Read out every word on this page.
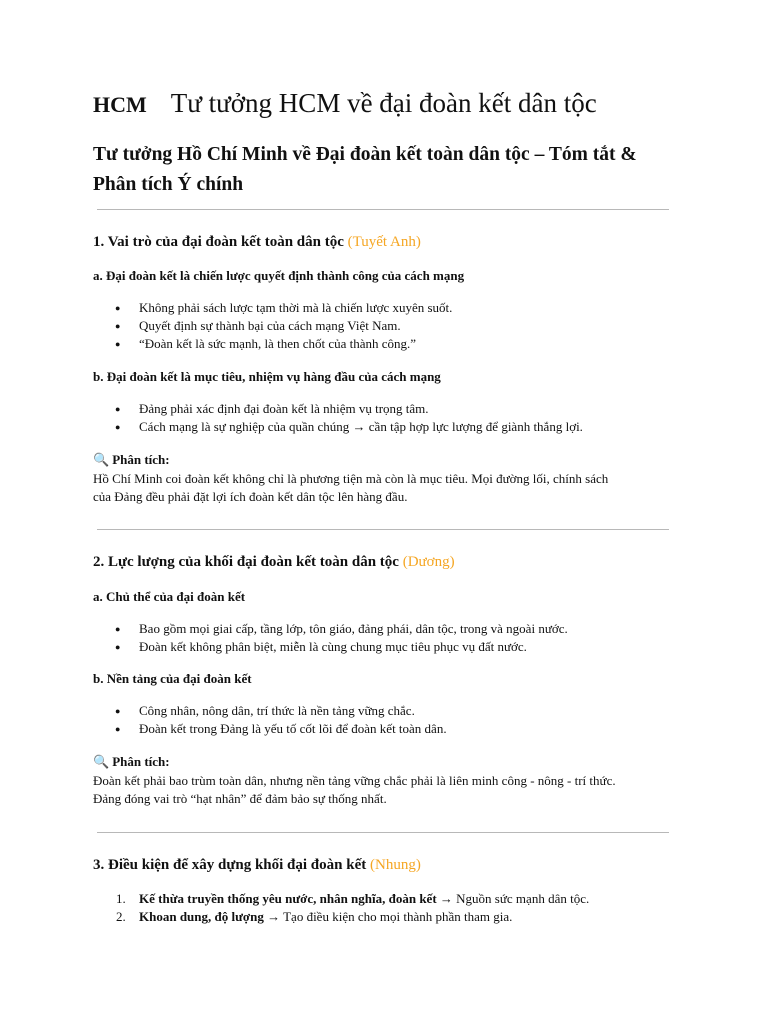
HCM Tư tưởng HCM về đại đoàn kết dân tộc
Tư tưởng Hồ Chí Minh về Đại đoàn kết toàn dân tộc – Tóm tắt &
Phân tích Ý chính
1. Vai trò của đại đoàn kết toàn dân tộc (Tuyết Anh)
a. Đại đoàn kết là chiến lược quyết định thành công của cách mạng
● Không phải sách lược tạm thời mà là chiến lược xuyên suốt.
● Quyết định sự thành bại của cách mạng Việt Nam.
● “Đoàn kết là sức mạnh, là then chốt của thành công.”
b. Đại đoàn kết là mục tiêu, nhiệm vụ hàng đầu của cách mạng
● Đảng phải xác định đại đoàn kết là nhiệm vụ trọng tâm.
● Cách mạng là sự nghiệp của quần chúng → cần tập hợp lực lượng để giành thắng lợi.

🔍 Phân tích:
Hồ Chí Minh coi đoàn kết không chỉ là phương tiện mà còn là mục tiêu. Mọi đường lối, chính sách
của Đảng đều phải đặt lợi ích đoàn kết dân tộc lên hàng đầu.

2. Lực lượng của khối đại đoàn kết toàn dân tộc (Dương)
a. Chủ thể của đại đoàn kết
● Bao gồm mọi giai cấp, tầng lớp, tôn giáo, đảng phái, dân tộc, trong và ngoài nước.
● Đoàn kết không phân biệt, miễn là cùng chung mục tiêu phục vụ đất nước.
b. Nền tảng của đại đoàn kết
● Công nhân, nông dân, trí thức là nền tảng vững chắc.
● Đoàn kết trong Đảng là yếu tố cốt lõi để đoàn kết toàn dân.

🔍 Phân tích:
Đoàn kết phải bao trùm toàn dân, nhưng nền tảng vững chắc phải là liên minh công - nông - trí thức.
Đảng đóng vai trò “hạt nhân” để đảm bảo sự thống nhất.

3. Điều kiện để xây dựng khối đại đoàn kết (Nhung)
1. Kế thừa truyền thống yêu nước, nhân nghĩa, đoàn kết → Nguồn sức mạnh dân tộc.
2. Khoan dung, độ lượng → Tạo điều kiện cho mọi thành phần tham gia.
